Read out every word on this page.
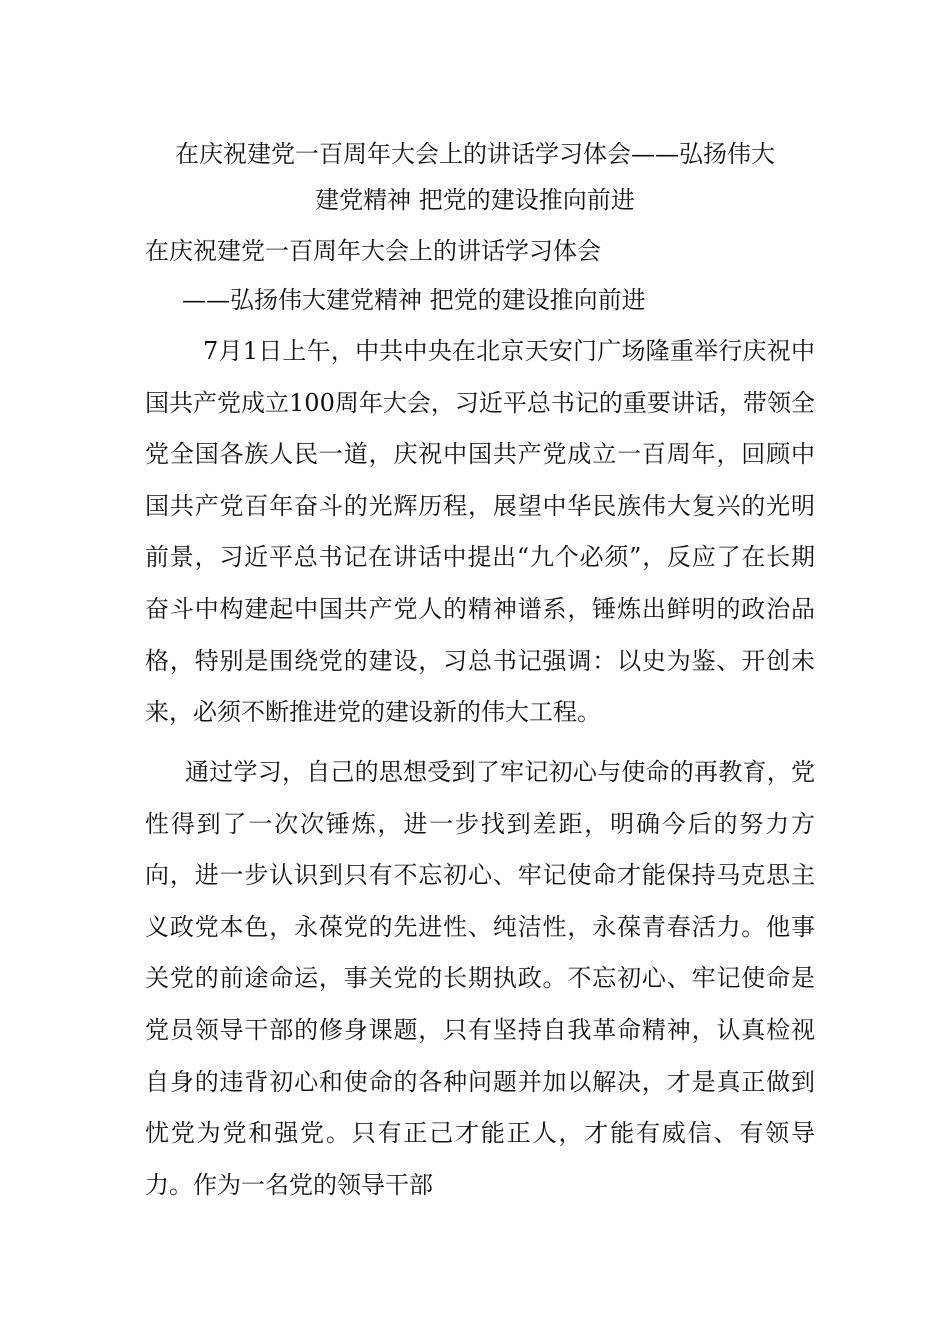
在庆祝建党一百周年大会上的讲话学习体会——弘扬伟大
建党精神 把党的建设推向前进
在庆祝建党一百周年大会上的讲话学习体会
——弘扬伟大建党精神 把党的建设推向前进

7月1日上午，中共中央在北京天安门广场隆重举行庆祝中国共产党成立100周年大会，习近平总书记的重要讲话，带领全党全国各族人民一道，庆祝中国共产党成立一百周年，回顾中国共产党百年奋斗的光辉历程，展望中华民族伟大复兴的光明前景，习近平总书记在讲话中提出“九个必须”，反应了在长期奋斗中构建起中国共产党人的精神谱系，锤炼出鲜明的政治品格，特别是围绕党的建设，习总书记强调：以史为鉴、开创未来，必须不断推进党的建设新的伟大工程。

通过学习，自己的思想受到了牢记初心与使命的再教育，党性得到了一次次锤炼，进一步找到差距，明确今后的努力方向，进一步认识到只有不忘初心、牢记使命才能保持马克思主义政党本色，永葆党的先进性、纯洁性，永葆青春活力。他事关党的前途命运，事关党的长期执政。不忘初心、牢记使命是党员领导干部的修身课题，只有坚持自我革命精神，认真检视自身的违背初心和使命的各种问题并加以解决，才是真正做到忧党为党和强党。只有正己才能正人，才能有威信、有领导力。作为一名党的领导干部
